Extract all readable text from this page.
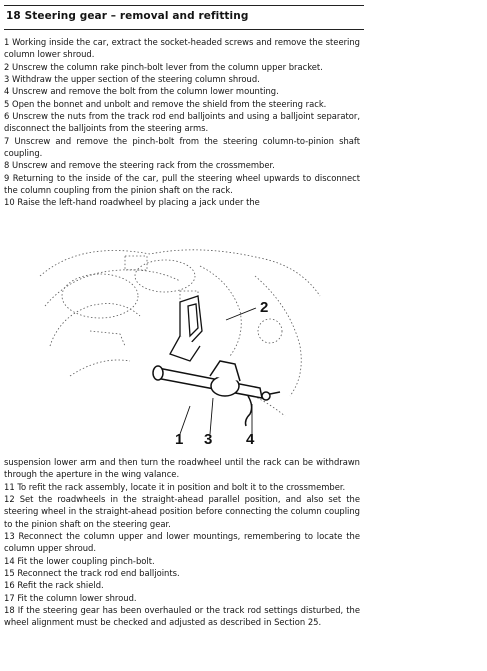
18 Steering gear – removal and refitting

1 Working inside the car, extract the socket-headed screws and remove the steering column lower shroud.

2 Unscrew the column rake pinch-bolt lever from the column upper bracket.

3 Withdraw the upper section of the steering column shroud.

4 Unscrew and remove the bolt from the column lower mounting.

5 Open the bonnet and unbolt and remove the shield from the steering rack.

6 Unscrew the nuts from the track rod end balljoints and using a balljoint separator, disconnect the balljoints from the steering arms.

7 Unscrew and remove the pinch-bolt from the steering column-to-pinion shaft coupling.

8 Unscrew and remove the steering rack from the crossmember.

9 Returning to the inside of the car, pull the steering wheel upwards to disconnect the column coupling from the pinion shaft on the rack.

10 Raise the left-hand roadwheel by placing a jack under the

2
1 3 4

suspension lower arm and then turn the roadwheel until the rack can be withdrawn through the aperture in the wing valance.

11 To refit the rack assembly, locate it in position and bolt it to the crossmember.

12 Set the roadwheels in the straight-ahead parallel position, and also set the steering wheel in the straight-ahead position before connecting the column coupling to the pinion shaft on the steering gear.

13 Reconnect the column upper and lower mountings, remembering to locate the column upper shroud.

14 Fit the lower coupling pinch-bolt.

15 Reconnect the track rod end balljoints.

16 Refit the rack shield.

17 Fit the column lower shroud.

18 If the steering gear has been overhauled or the track rod settings disturbed, the wheel alignment must be checked and adjusted as described in Section 25.
